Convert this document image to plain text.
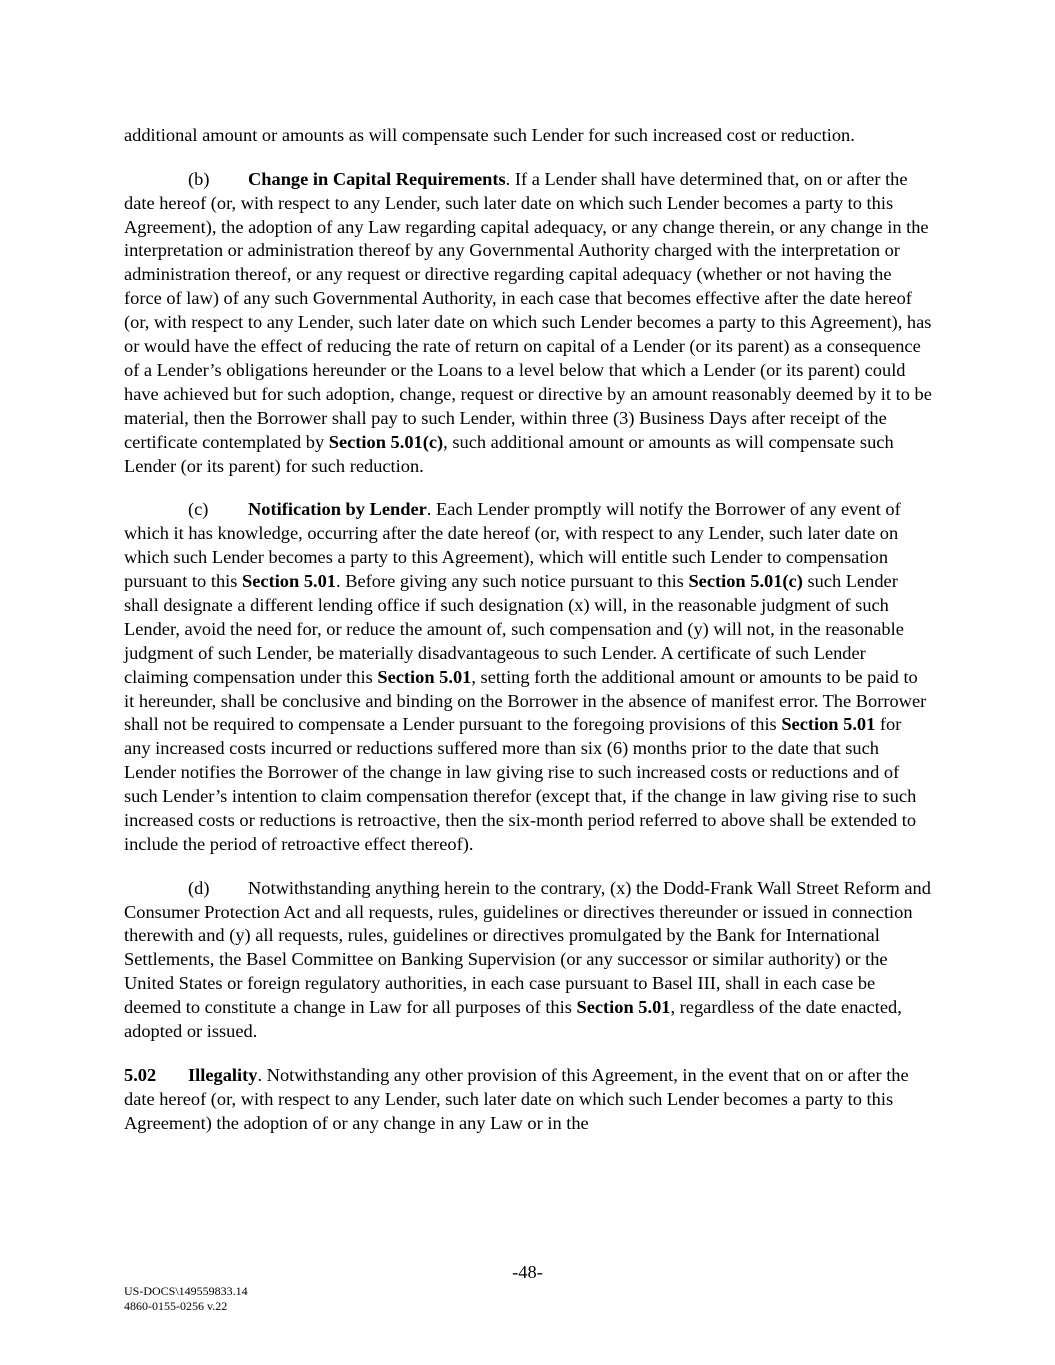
additional amount or amounts as will compensate such Lender for such increased cost or reduction.

(b) Change in Capital Requirements. If a Lender shall have determined that, on or after the date hereof (or, with respect to any Lender, such later date on which such Lender becomes a party to this Agreement), the adoption of any Law regarding capital adequacy, or any change therein, or any change in the interpretation or administration thereof by any Governmental Authority charged with the interpretation or administration thereof, or any request or directive regarding capital adequacy (whether or not having the force of law) of any such Governmental Authority, in each case that becomes effective after the date hereof (or, with respect to any Lender, such later date on which such Lender becomes a party to this Agreement), has or would have the effect of reducing the rate of return on capital of a Lender (or its parent) as a consequence of a Lender’s obligations hereunder or the Loans to a level below that which a Lender (or its parent) could have achieved but for such adoption, change, request or directive by an amount reasonably deemed by it to be material, then the Borrower shall pay to such Lender, within three (3) Business Days after receipt of the certificate contemplated by Section 5.01(c), such additional amount or amounts as will compensate such Lender (or its parent) for such reduction.

(c) Notification by Lender. Each Lender promptly will notify the Borrower of any event of which it has knowledge, occurring after the date hereof (or, with respect to any Lender, such later date on which such Lender becomes a party to this Agreement), which will entitle such Lender to compensation pursuant to this Section 5.01. Before giving any such notice pursuant to this Section 5.01(c) such Lender shall designate a different lending office if such designation (x) will, in the reasonable judgment of such Lender, avoid the need for, or reduce the amount of, such compensation and (y) will not, in the reasonable judgment of such Lender, be materially disadvantageous to such Lender. A certificate of such Lender claiming compensation under this Section 5.01, setting forth the additional amount or amounts to be paid to it hereunder, shall be conclusive and binding on the Borrower in the absence of manifest error. The Borrower shall not be required to compensate a Lender pursuant to the foregoing provisions of this Section 5.01 for any increased costs incurred or reductions suffered more than six (6) months prior to the date that such Lender notifies the Borrower of the change in law giving rise to such increased costs or reductions and of such Lender’s intention to claim compensation therefor (except that, if the change in law giving rise to such increased costs or reductions is retroactive, then the six-month period referred to above shall be extended to include the period of retroactive effect thereof).

(d) Notwithstanding anything herein to the contrary, (x) the Dodd-Frank Wall Street Reform and Consumer Protection Act and all requests, rules, guidelines or directives thereunder or issued in connection therewith and (y) all requests, rules, guidelines or directives promulgated by the Bank for International Settlements, the Basel Committee on Banking Supervision (or any successor or similar authority) or the United States or foreign regulatory authorities, in each case pursuant to Basel III, shall in each case be deemed to constitute a change in Law for all purposes of this Section 5.01, regardless of the date enacted, adopted or issued.

5.02 Illegality. Notwithstanding any other provision of this Agreement, in the event that on or after the date hereof (or, with respect to any Lender, such later date on which such Lender becomes a party to this Agreement) the adoption of or any change in any Law or in the

-48-
US-DOCS\149559833.14
4860-0155-0256 v.22
